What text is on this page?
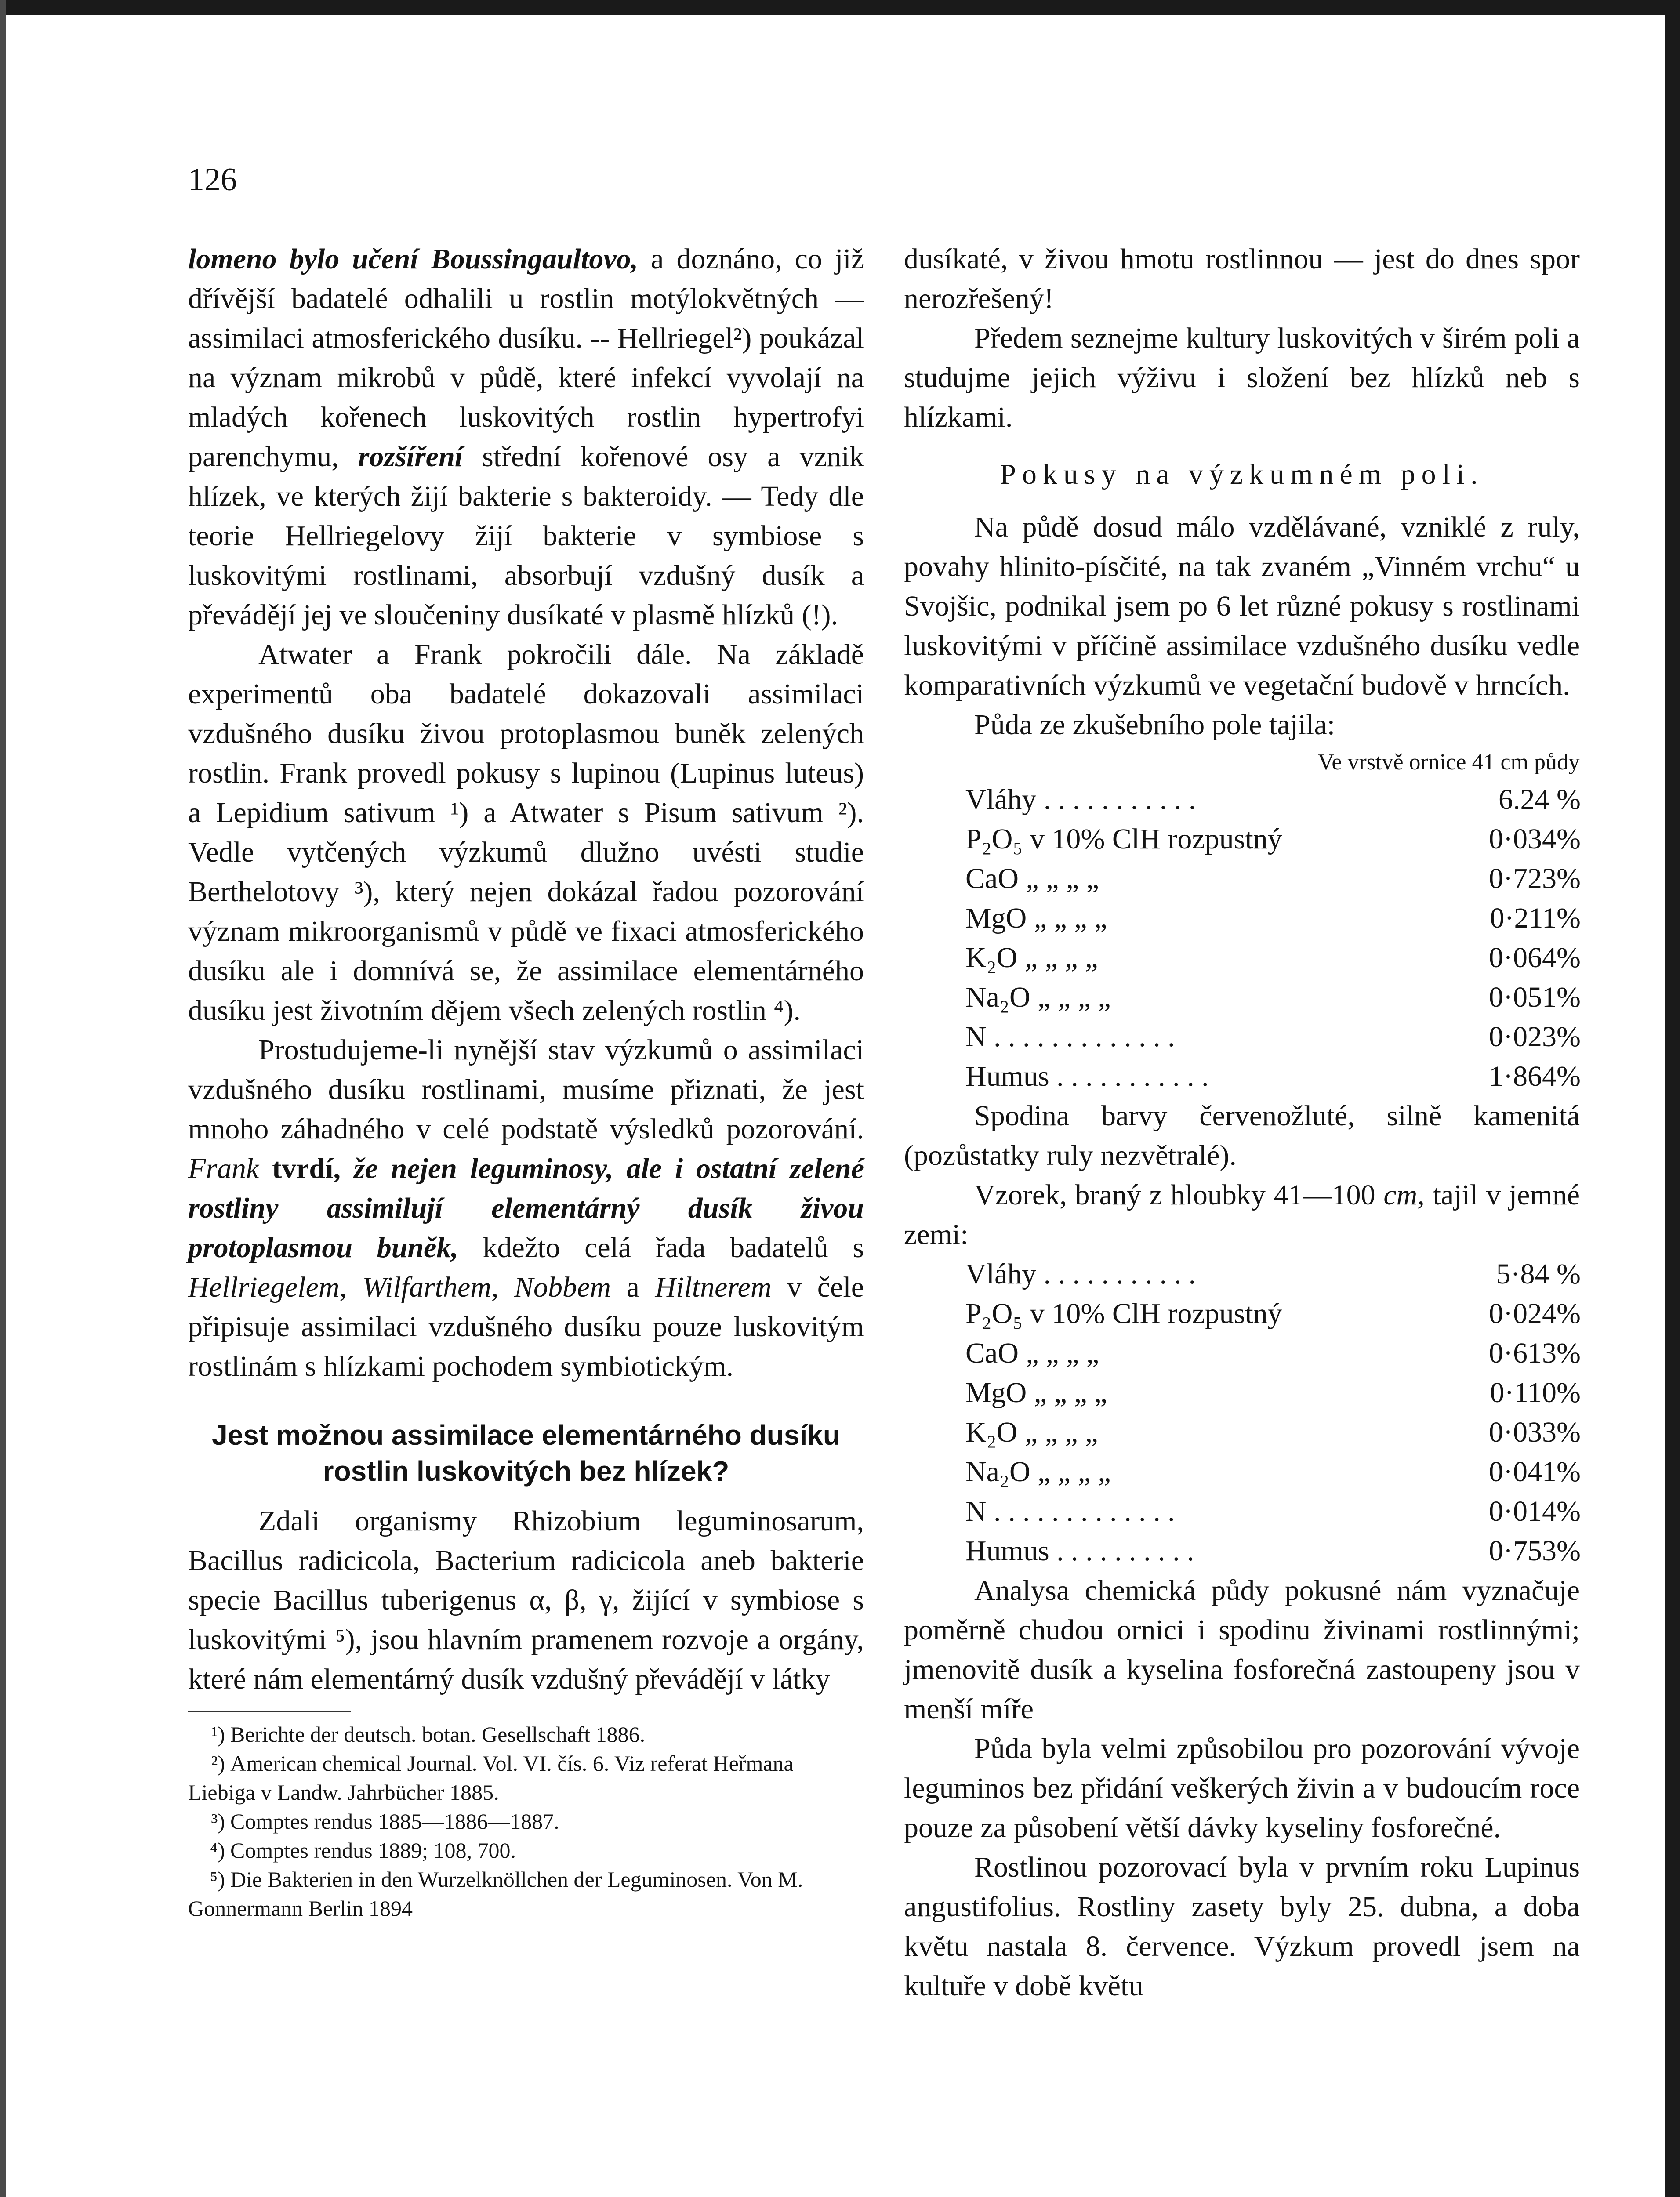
126

lomeno bylo učení Boussingaultovo, a doznáno, co již dřívější badatelé odhalili u rostlin motýlokvětných — assimilaci atmosferického dusíku. -- Hellriegel²) poukázal na význam mikrobů v půdě, které infekcí vyvolají na mladých kořenech luskovitých rostlin hypertrofyi parenchymu, rozšíření střední kořenové osy a vznik hlízek, ve kterých žijí bakterie s bakteroidy. — Tedy dle teorie Hellriegelovy žijí bakterie v symbiose s luskovitými rostlinami, absorbují vzdušný dusík a převádějí jej ve sloučeniny dusíkaté v plasmě hlízků (!).

Atwater a Frank pokročili dále. Na základě experimentů oba badatelé dokazovali assimilaci vzdušného dusíku živou protoplasmou buněk zelených rostlin. Frank provedl pokusy s lupinou (Lupinus luteus) a Lepidium sativum ¹) a Atwater s Pisum sativum ²). Vedle vytčených výzkumů dlužno uvésti studie Berthelotovy ³), který nejen dokázal řadou pozorování význam mikroorganismů v půdě ve fixaci atmosferického dusíku ale i domnívá se, že assimilace elementárného dusíku jest životním dějem všech zelených rostlin ⁴).

Prostudujeme-li nynější stav výzkumů o assimilaci vzdušného dusíku rostlinami, musíme přiznati, že jest mnoho záhadného v celé podstatě výsledků pozorování. Frank tvrdí, že nejen leguminosy, ale i ostatní zelené rostliny assimilují elementárný dusík živou protoplasmou buněk, kdežto celá řada badatelů s Hellriegelem, Wilfarthem, Nobbem a Hiltnerem v čele připisuje assimilaci vzdušného dusíku pouze luskovitým rostlinám s hlízkami pochodem symbiotickým.

Jest možnou assimilace elementárného dusíku rostlin luskovitých bez hlízek?

Zdali organismy Rhizobium leguminosarum, Bacillus radicicola, Bacterium radicicola aneb bakterie specie Bacillus tuberigenus α, β, γ, žijící v symbiose s luskovitými ⁵), jsou hlavním pramenem rozvoje a orgány, které nám elementárný dusík vzdušný převádějí v látky

¹) Berichte der deutsch. botan. Gesellschaft 1886.
²) American chemical Journal. Vol. VI. čís. 6. Viz referat Heřmana Liebiga v Landw. Jahrbücher 1885.
³) Comptes rendus 1885—1886—1887.
⁴) Comptes rendus 1889; 108, 700.
⁵) Die Bakterien in den Wurzelknöllchen der Leguminosen. Von M. Gonnermann Berlin 1894

dusíkaté, v živou hmotu rostlinnou — jest do dnes spor nerozřešený!

Předem seznejme kultury luskovitých v širém poli a studujme jejich výživu i složení bez hlízků neb s hlízkami.

Pokusy na výzkumném poli.

Na půdě dosud málo vzdělávané, vzniklé z ruly, povahy hlinito-písčité, na tak zvaném „Vinném vrchu“ u Svojšic, podnikal jsem po 6 let různé pokusy s rostlinami luskovitými v příčině assimilace vzdušného dusíku vedle komparativních výzkumů ve vegetační budově v hrncích.

Půda ze zkušebního pole tajila:

Ve vrstvě ornice 41 cm půdy
Vláhy . . . . . . . . . . .	6.24 %
P₂O₅ v 10% ClH rozpustný	0·034%
CaO „ „ „ „	0·723%
MgO „ „ „ „	0·211%
K₂O „ „ „ „	0·064%
Na₂O „ „ „ „	0·051%
N . . . . . . . . . . . . .	0·023%
Humus . . . . . . . . . . .	1·864%

Spodina barvy červenožluté, silně kamenitá (pozůstatky ruly nezvětralé).

Vzorek, braný z hloubky 41—100 cm, tajil v jemné zemi:

Vláhy . . . . . . . . . . .	5·84 %
P₂O₅ v 10% ClH rozpustný	0·024%
CaO „ „ „ „	0·613%
MgO „ „ „ „	0·110%
K₂O „ „ „ „	0·033%
Na₂O „ „ „ „	0·041%
N . . . . . . . . . . . . .	0·014%
Humus . . . . . . . . . .	0·753%

Analysa chemická půdy pokusné nám vyznačuje poměrně chudou ornici i spodinu živinami rostlinnými; jmenovitě dusík a kyselina fosforečná zastoupeny jsou v menší míře

Půda byla velmi způsobilou pro pozorování vývoje leguminos bez přidání veškerých živin a v budoucím roce pouze za působení větší dávky kyseliny fosforečné.

Rostlinou pozorovací byla v prvním roku Lupinus angustifolius. Rostliny zasety byly 25. dubna, a doba květu nastala 8. července. Výzkum provedl jsem na kultuře v době květu
